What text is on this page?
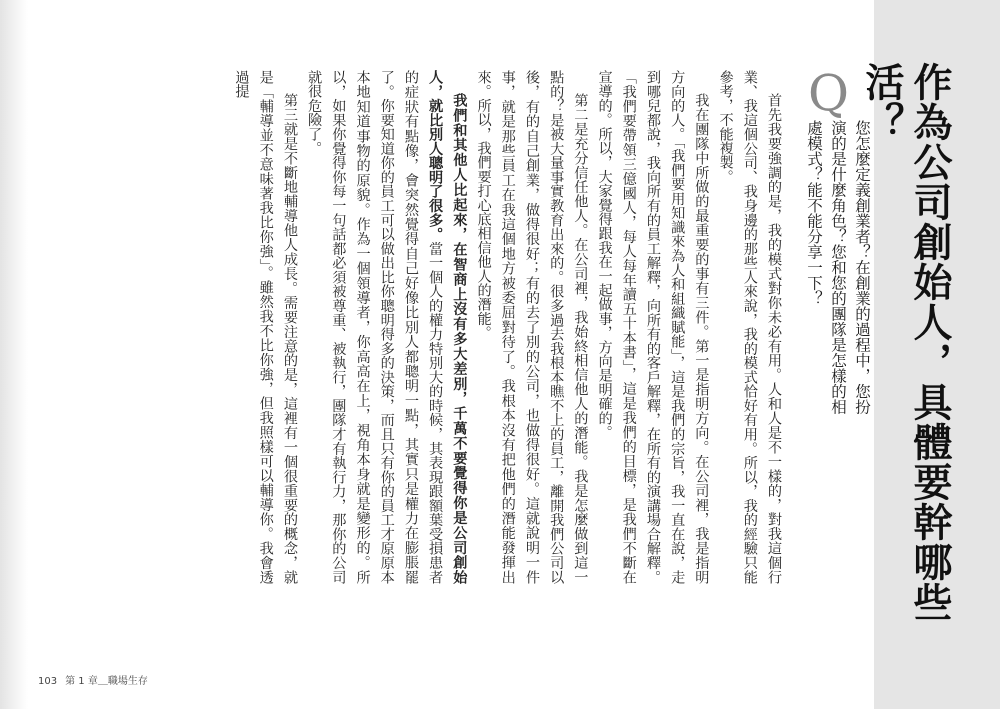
作為公司創始人，具體要幹哪些活？
Q
您怎麼定義創業者？在創業的過程中，您扮演的是什麼角色？您和您的團隊是怎樣的相處模式？能不能分享一下？

首先我要強調的是，我的模式對你未必有用。人和人是不一樣的，對我這個行業、我這個公司、我身邊的那些人來說，我的模式恰好有用。所以，我的經驗只能參考，不能複製。

我在團隊中所做的最重要的事有三件。第一是指明方向。在公司裡，我是指明方向的人。「我們要用知識來為人和組織賦能」，這是我們的宗旨，我一直在說，走到哪兒都說，我向所有的員工解釋，向所有的客戶解釋，在所有的演講場合解釋。「我們要帶領三億國人，每人每年讀五十本書」，這是我們的目標，是我們不斷在宣導的。所以，大家覺得跟我在一起做事，方向是明確的。

第二是充分信任他人。在公司裡，我始終相信他人的潛能。我是怎麼做到這一點的？是被大量事實教育出來的。很多過去我根本瞧不上的員工，離開我們公司以後，有的自己創業，做得很好；有的去了別的公司，也做得很好。這就說明一件事，就是那些員工在我這個地方被委屈對待了。我根本沒有把他們的潛能發揮出來。所以，我們要打心底相信他人的潛能。

我們和其他人比起來，在智商上沒有多大差別，千萬不要覺得你是公司創始人，就比別人聰明了很多。當一個人的權力特別大的時候，其表現跟額葉受損患者的症狀有點像，會突然覺得自己好像比別人都聰明一點，其實只是權力在膨脹罷了。你要知道你的員工可以做出比你聰明得多的決策，而且只有你的員工才原原本本地知道事物的原貌。作為一個領導者，你高高在上，視角本身就是變形的。所以，如果你覺得你每一句話都必須被尊重、被執行，團隊才有執行力，那你的公司就很危險了。

第三就是不斷地輔導他人成長。需要注意的是，這裡有一個很重要的概念，就是「輔導並不意味著我比你強」。雖然我不比你強，但我照樣可以輔導你。我會透過提

103 第 1 章＿職場生存
